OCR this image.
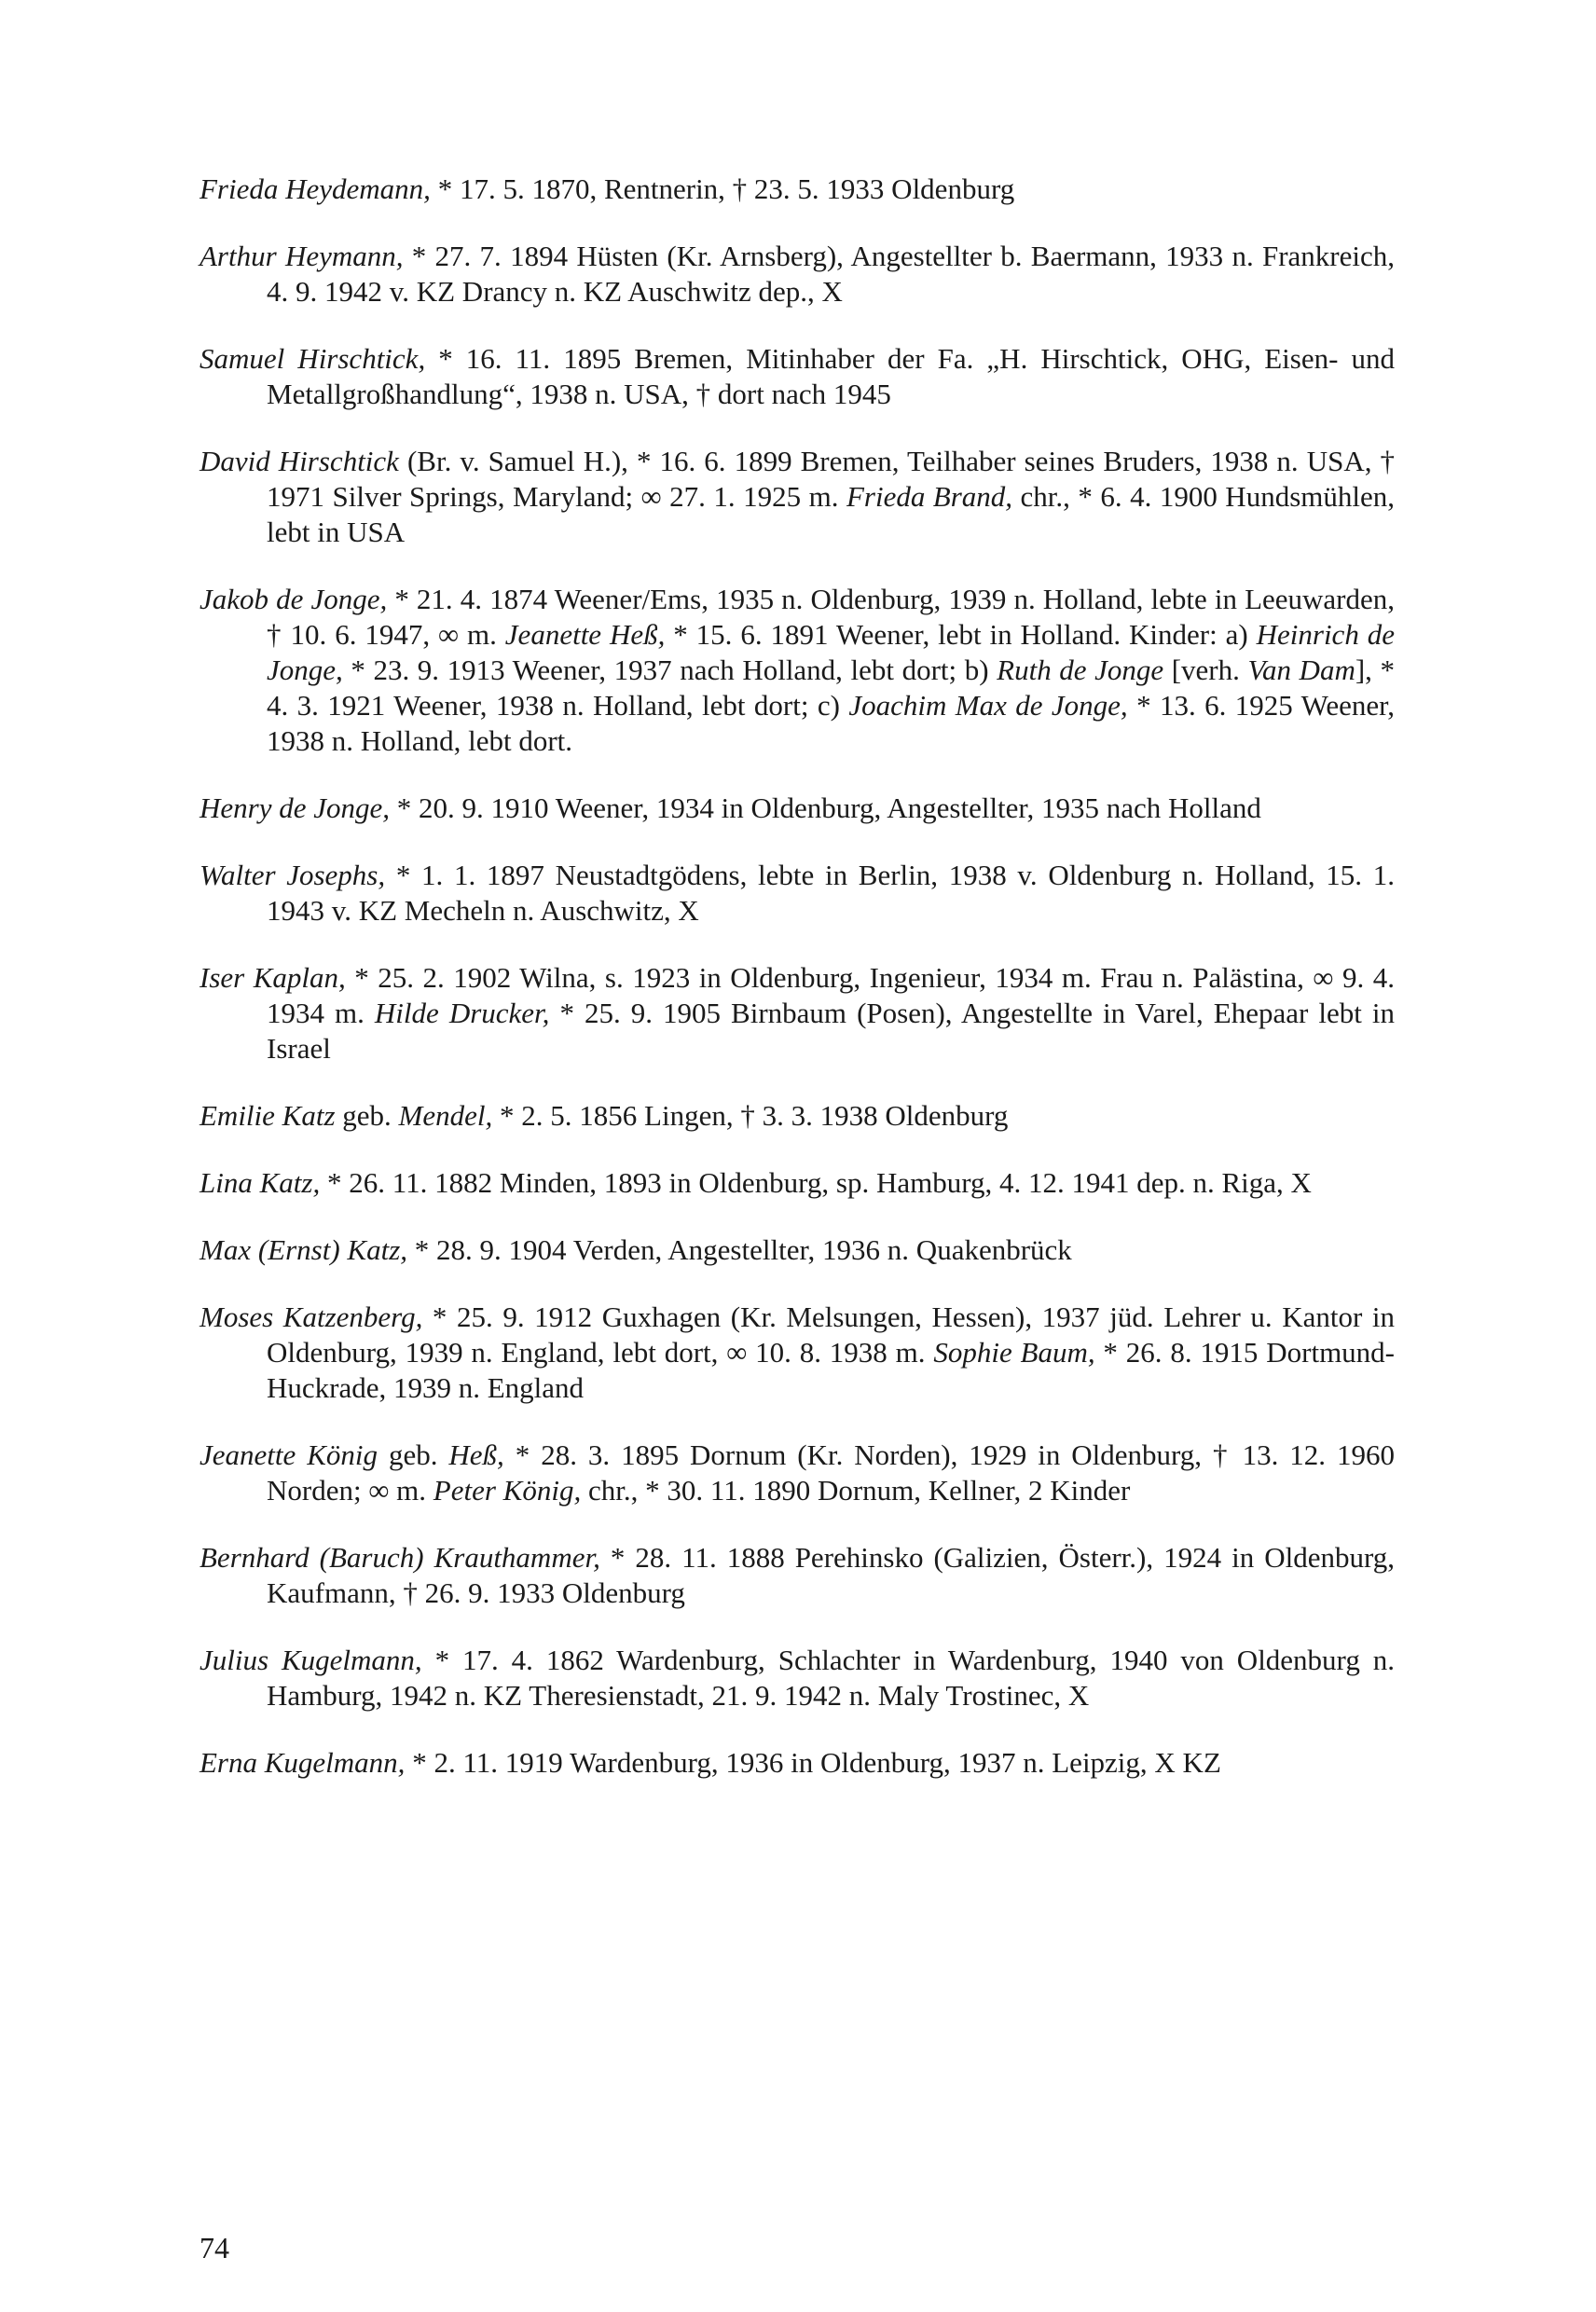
Frieda Heydemann, * 17. 5. 1870, Rentnerin, † 23. 5. 1933 Oldenburg

Arthur Heymann, * 27. 7. 1894 Hüsten (Kr. Arnsberg), Angestellter b. Baermann, 1933 n. Frankreich, 4. 9. 1942 v. KZ Drancy n. KZ Auschwitz dep., X

Samuel Hirschtick, * 16. 11. 1895 Bremen, Mitinhaber der Fa. „H. Hirschtick, OHG, Eisen- und Metallgroßhandlung“, 1938 n. USA, † dort nach 1945

David Hirschtick (Br. v. Samuel H.), * 16. 6. 1899 Bremen, Teilhaber seines Bruders, 1938 n. USA, † 1971 Silver Springs, Maryland; ∞ 27. 1. 1925 m. Frieda Brand, chr., * 6. 4. 1900 Hundsmühlen, lebt in USA

Jakob de Jonge, * 21. 4. 1874 Weener/Ems, 1935 n. Oldenburg, 1939 n. Holland, lebte in Leeuwarden, † 10. 6. 1947, ∞ m. Jeanette Heß, * 15. 6. 1891 Weener, lebt in Holland. Kinder: a) Heinrich de Jonge, * 23. 9. 1913 Weener, 1937 nach Holland, lebt dort; b) Ruth de Jonge [verh. Van Dam], * 4. 3. 1921 Weener, 1938 n. Holland, lebt dort; c) Joachim Max de Jonge, * 13. 6. 1925 Weener, 1938 n. Holland, lebt dort.

Henry de Jonge, * 20. 9. 1910 Weener, 1934 in Oldenburg, Angestellter, 1935 nach Holland

Walter Josephs, * 1. 1. 1897 Neustadtgödens, lebte in Berlin, 1938 v. Oldenburg n. Holland, 15. 1. 1943 v. KZ Mecheln n. Auschwitz, X

Iser Kaplan, * 25. 2. 1902 Wilna, s. 1923 in Oldenburg, Ingenieur, 1934 m. Frau n. Palästina, ∞ 9. 4. 1934 m. Hilde Drucker, * 25. 9. 1905 Birnbaum (Posen), Angestellte in Varel, Ehepaar lebt in Israel

Emilie Katz geb. Mendel, * 2. 5. 1856 Lingen, † 3. 3. 1938 Oldenburg

Lina Katz, * 26. 11. 1882 Minden, 1893 in Oldenburg, sp. Hamburg, 4. 12. 1941 dep. n. Riga, X

Max (Ernst) Katz, * 28. 9. 1904 Verden, Angestellter, 1936 n. Quakenbrück

Moses Katzenberg, * 25. 9. 1912 Guxhagen (Kr. Melsungen, Hessen), 1937 jüd. Lehrer u. Kantor in Oldenburg, 1939 n. England, lebt dort, ∞ 10. 8. 1938 m. Sophie Baum, * 26. 8. 1915 Dortmund-Huckrade, 1939 n. England

Jeanette König geb. Heß, * 28. 3. 1895 Dornum (Kr. Norden), 1929 in Oldenburg, † 13. 12. 1960 Norden; ∞ m. Peter König, chr., * 30. 11. 1890 Dornum, Kellner, 2 Kinder

Bernhard (Baruch) Krauthammer, * 28. 11. 1888 Perehinsko (Galizien, Österr.), 1924 in Oldenburg, Kaufmann, † 26. 9. 1933 Oldenburg

Julius Kugelmann, * 17. 4. 1862 Wardenburg, Schlachter in Wardenburg, 1940 von Oldenburg n. Hamburg, 1942 n. KZ Theresienstadt, 21. 9. 1942 n. Maly Trostinec, X

Erna Kugelmann, * 2. 11. 1919 Wardenburg, 1936 in Oldenburg, 1937 n. Leipzig, X KZ

74
